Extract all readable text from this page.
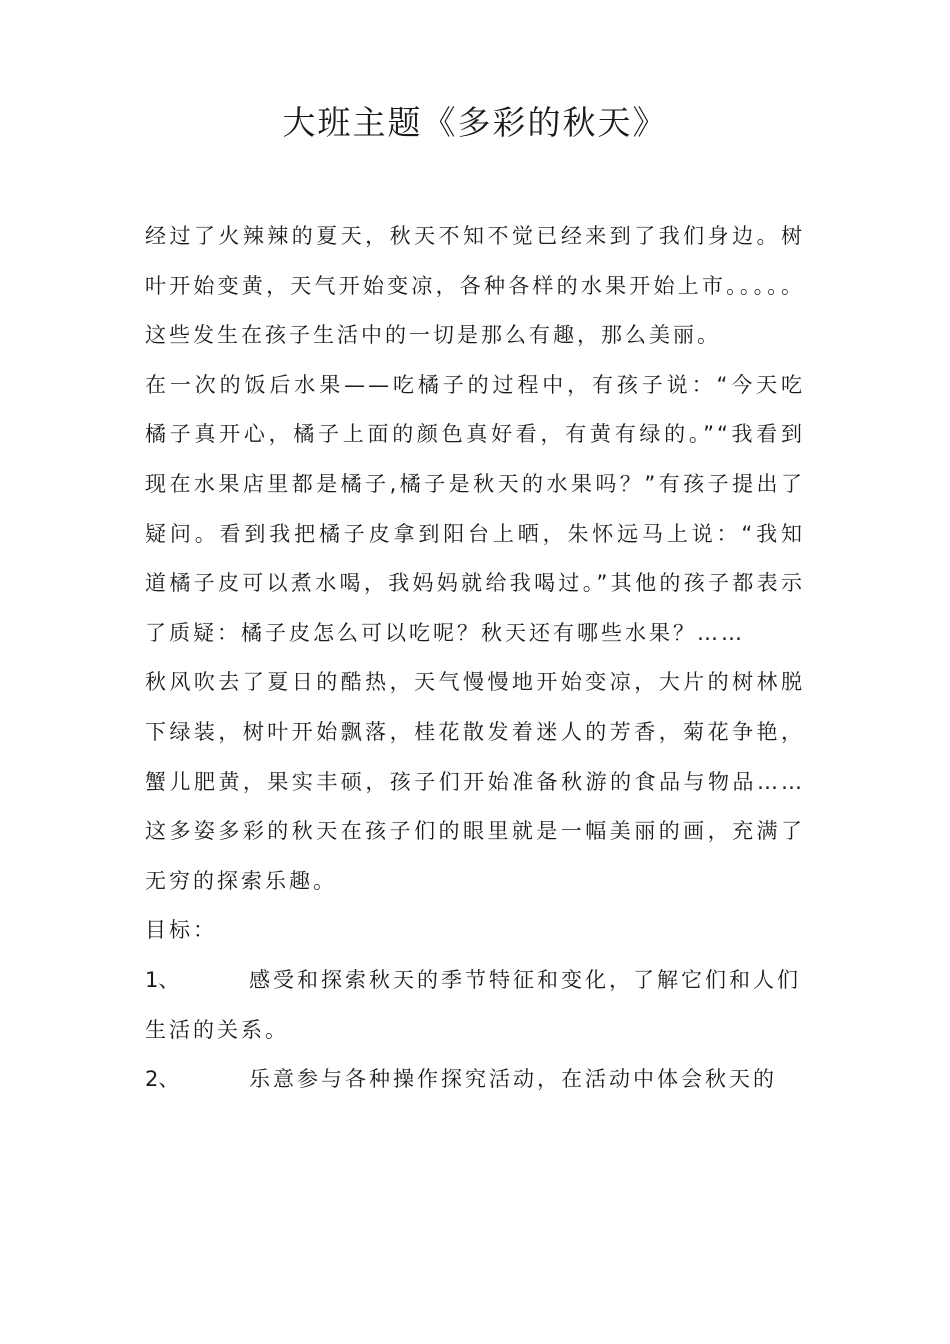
大班主题《多彩的秋天》

经过了火辣辣的夏天，秋天不知不觉已经来到了我们身边。树叶开始变黄，天气开始变凉，各种各样的水果开始上市。。。。。这些发生在孩子生活中的一切是那么有趣，那么美丽。

在一次的饭后水果——吃橘子的过程中，有孩子说：“今天吃橘子真开心，橘子上面的颜色真好看，有黄有绿的。”“我看到现在水果店里都是橘子,橘子是秋天的水果吗？”有孩子提出了疑问。看到我把橘子皮拿到阳台上晒，朱怀远马上说：“我知道橘子皮可以煮水喝，我妈妈就给我喝过。”其他的孩子都表示了质疑：橘子皮怎么可以吃呢？秋天还有哪些水果？……

秋风吹去了夏日的酷热，天气慢慢地开始变凉，大片的树林脱下绿装，树叶开始飘落，桂花散发着迷人的芳香，菊花争艳，蟹儿肥黄，果实丰硕，孩子们开始准备秋游的食品与物品……这多姿多彩的秋天在孩子们的眼里就是一幅美丽的画，充满了无穷的探索乐趣。

目标：

1、	感受和探索秋天的季节特征和变化，了解它们和人们生活的关系。

2、	乐意参与各种操作探究活动，在活动中体会秋天的
